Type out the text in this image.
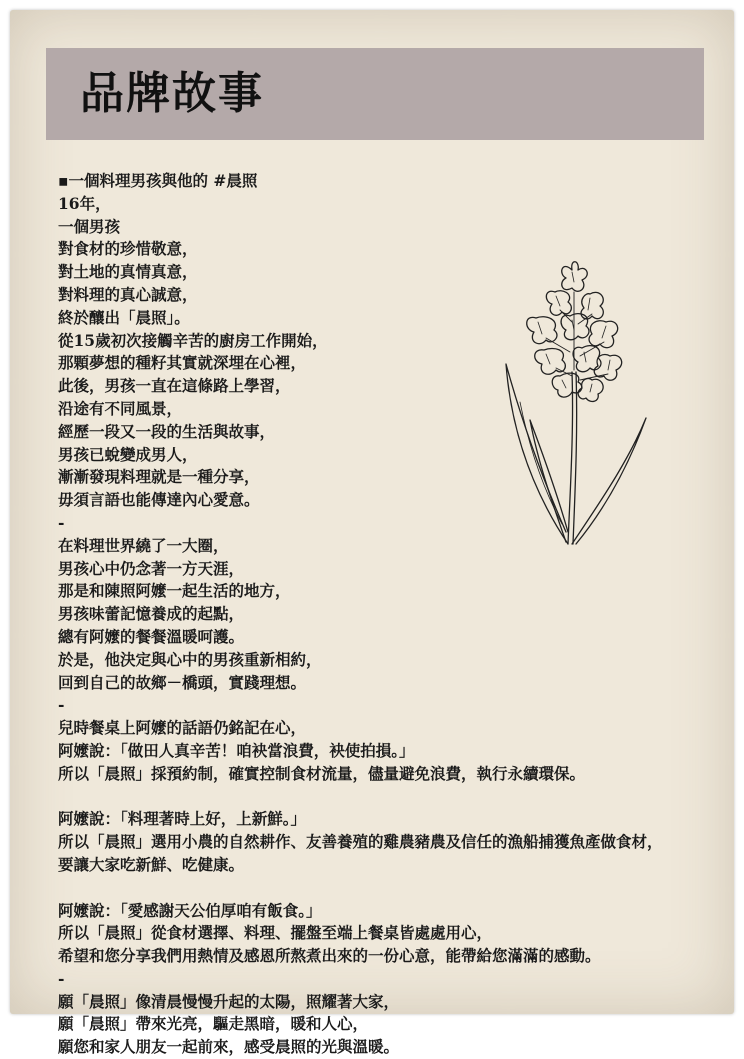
品牌故事
▪一個料理男孩與他的 #晨照
16年，
一個男孩
對食材的珍惜敬意，
對土地的真情真意，
對料理的真心誠意，
終於釀出「晨照」。
從15歲初次接觸辛苦的廚房工作開始，
那顆夢想的種籽其實就深埋在心裡，
此後，男孩一直在這條路上學習，
沿途有不同風景，
經歷一段又一段的生活與故事，
男孩已蛻變成男人，
漸漸發現料理就是一種分享，
毋須言語也能傳達內心愛意。
-
在料理世界繞了一大圈，
男孩心中仍念著一方天涯，
那是和陳照阿嬤一起生活的地方，
男孩味蕾記憶養成的起點，
總有阿嬤的餐餐溫暖呵護。
於是，他決定與心中的男孩重新相約，
回到自己的故鄉－橋頭，實踐理想。
-
兒時餐桌上阿嬤的話語仍銘記在心，
阿嬤說：「做田人真辛苦！咱袂當浪費，袂使拍損。」
所以「晨照」採預約制，確實控制食材流量，儘量避免浪費，執行永續環保。
阿嬤說：「料理著時上好，上新鮮。」
所以「晨照」選用小農的自然耕作、友善養殖的雞農豬農及信任的漁船捕獲魚產做食材，
要讓大家吃新鮮、吃健康。
阿嬤說：「愛感謝天公伯厚咱有飯食。」
所以「晨照」從食材選擇、料理、擺盤至端上餐桌皆處處用心，
希望和您分享我們用熱情及感恩所熬煮出來的一份心意，能帶給您滿滿的感動。
-
願「晨照」像清晨慢慢升起的太陽，照耀著大家，
願「晨照」帶來光亮，驅走黑暗，暖和人心，
願您和家人朋友一起前來，感受晨照的光與溫暖。
